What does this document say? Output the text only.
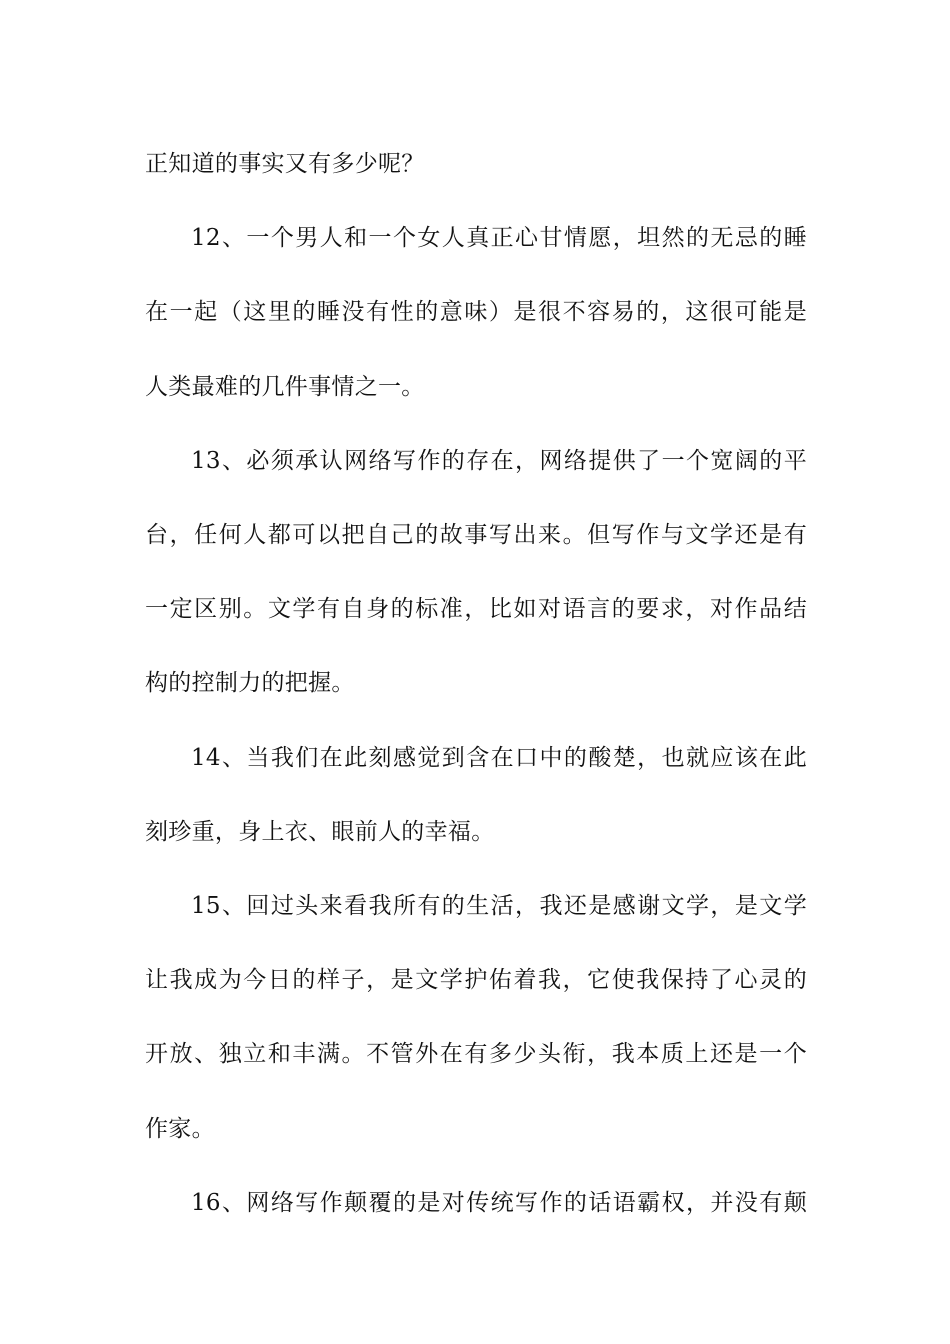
正知道的事实又有多少呢？

12、一个男人和一个女人真正心甘情愿，坦然的无忌的睡
在一起（这里的睡没有性的意味）是很不容易的，这很可能是
人类最难的几件事情之一。

13、必须承认网络写作的存在，网络提供了一个宽阔的平
台，任何人都可以把自己的故事写出来。但写作与文学还是有
一定区别。文学有自身的标准，比如对语言的要求，对作品结
构的控制力的把握。

14、当我们在此刻感觉到含在口中的酸楚，也就应该在此
刻珍重，身上衣、眼前人的幸福。

15、回过头来看我所有的生活，我还是感谢文学，是文学
让我成为今日的样子，是文学护佑着我，它使我保持了心灵的
开放、独立和丰满。不管外在有多少头衔，我本质上还是一个
作家。

16、网络写作颠覆的是对传统写作的话语霸权，并没有颠
